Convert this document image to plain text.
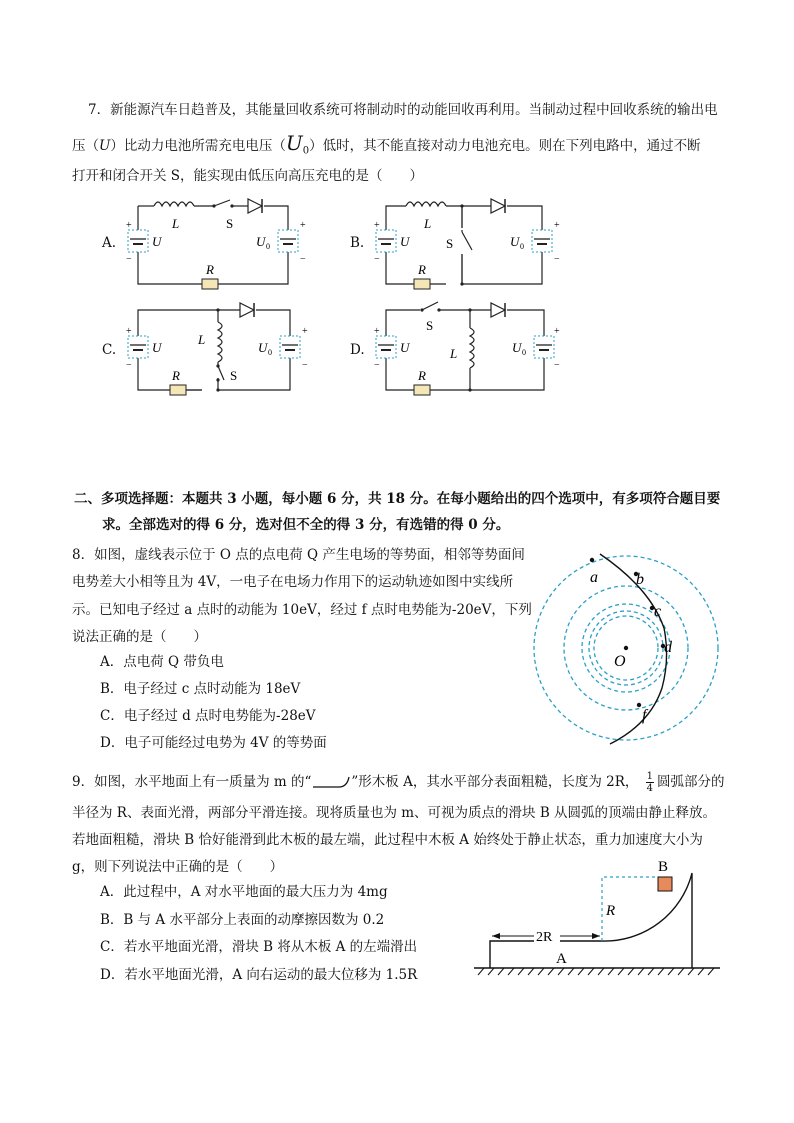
7．新能源汽车日趋普及，其能量回收系统可将制动时的动能回收再利用。当制动过程中回收系统的输出电
压（U）比动力电池所需充电电压$(U_0)$低时，其不能直接对动力电池充电。则在下列电路中，通过不断
打开和闭合开关 S，能实现由低压向高压充电的是（　　）
A.	B.
C.	D.
+
−
+
−
U	U 0
L	S
R
+
−
+
−
U	U 0
L
S
R
+
−
+
−
U	U 0
L
S
R
+
−
+
−
U	U 0
L
S
R
二、多项选择题：本题共 3 小题，每小题 6 分，共 18 分。在每小题给出的四个选项中，有多项符合题目要
求。全部选对的得 6 分，选对但不全的得 3 分，有选错的得 0 分。
8．如图，虚线表示位于 O 点的点电荷 Q 产生电场的等势面，相邻等势面间
电势差大小相等且为 4V，一电子在电场力作用下的运动轨迹如图中实线所
示。已知电子经过 a 点时的动能为 10eV，经过 f 点时电势能为-20eV，下列
说法正确的是（　　）
A．点电荷 Q 带负电
B．电子经过 c 点时动能为 18eV
C．电子经过 d 点时电势能为-28eV
D．电子可能经过电势为 4V 的等势面
a b
c
d
f
O
9．如图，水平地面上有一质量为 m 的“	”形木板 A，其水平部分表面粗糙，长度为 2R， $\frac{1}{4}$ 圆弧部分的
半径为 R、表面光滑，两部分平滑连接。现将质量也为 m、可视为质点的滑块 B 从圆弧的顶端由静止释放。
若地面粗糙，滑块 B 恰好能滑到此木板的最左端，此过程中木板 A 始终处于静止状态，重力加速度大小为
g，则下列说法中正确的是（　　）
A．此过程中，A 对水平地面的最大压力为 4mg
B．B 与 A 水平部分上表面的动摩擦因数为 0.2
C．若水平地面光滑，滑块 B 将从木板 A 的左端滑出
D．若水平地面光滑，A 向右运动的最大位移为 1.5R
2R
B
R
A
